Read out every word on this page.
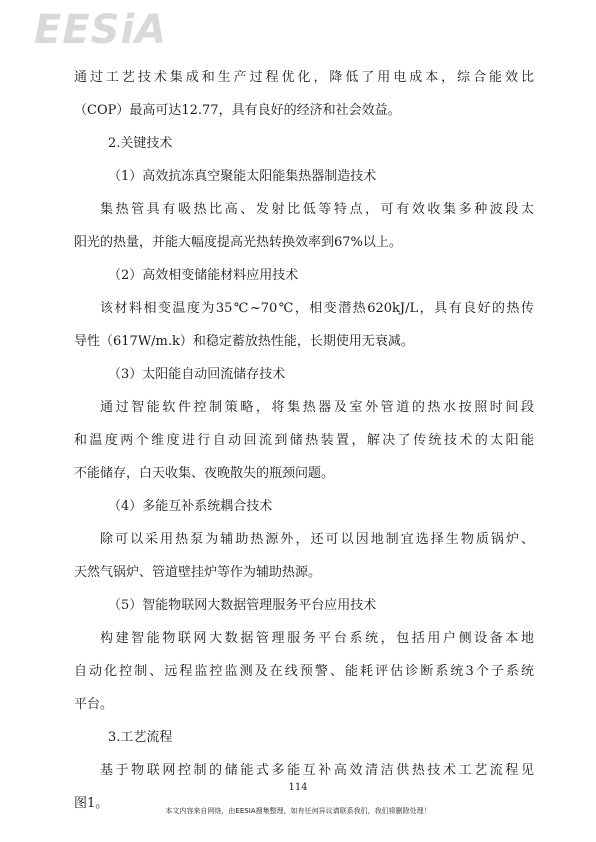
EESiA
通过工艺技术集成和生产过程优化，降低了用电成本，综合能效比
（COP）最高可达12.77，具有良好的经济和社会效益。
2.关键技术
（1）高效抗冻真空聚能太阳能集热器制造技术
集热管具有吸热比高、发射比低等特点，可有效收集多种波段太
阳光的热量，并能大幅度提高光热转换效率到67%以上。
（2）高效相变储能材料应用技术
该材料相变温度为35℃~70℃，相变潜热620kJ/L，具有良好的热传
导性（617W/m.k）和稳定蓄放热性能，长期使用无衰减。
（3）太阳能自动回流储存技术
通过智能软件控制策略，将集热器及室外管道的热水按照时间段
和温度两个维度进行自动回流到储热装置，解决了传统技术的太阳能
不能储存，白天收集、夜晚散失的瓶颈问题。
（4）多能互补系统耦合技术
除可以采用热泵为辅助热源外，还可以因地制宜选择生物质锅炉、
天然气锅炉、管道壁挂炉等作为辅助热源。
（5）智能物联网大数据管理服务平台应用技术
构建智能物联网大数据管理服务平台系统，包括用户侧设备本地
自动化控制、远程监控监测及在线预警、能耗评估诊断系统3个子系统
平台。
3.工艺流程
基于物联网控制的储能式多能互补高效清洁供热技术工艺流程见
图1。
114
本文内容来自网络，由EESIA搜集整理，如有任何异议请联系我们，我们将删除处理！
